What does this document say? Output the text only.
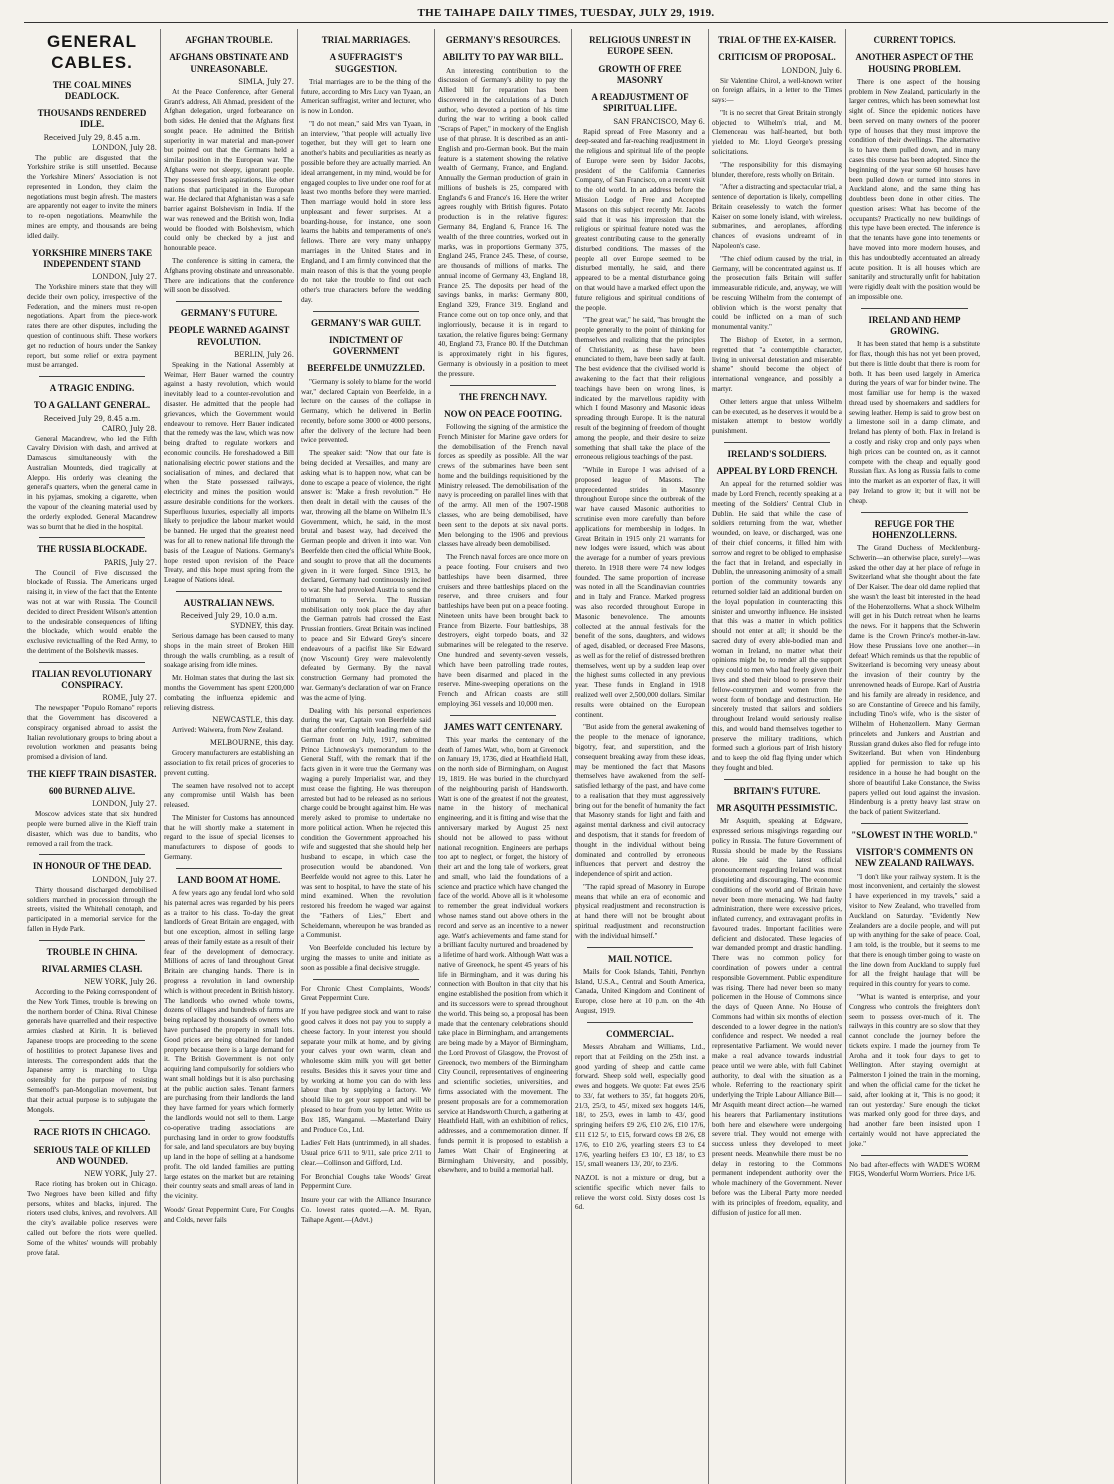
THE TAIHAPE DAILY TIMES, TUESDAY, JULY 29, 1919.
GENERAL CABLES.
THE COAL MINES DEADLOCK.
THOUSANDS RENDERED IDLE.
Received July 29, 8.45 a.m.
LONDON, July 28.
The public are disgusted that the Yorkshire strike is still unsettled. Because the Yorkshire Miners' Association is not represented in London, they claim the negotiations must begin afresh. The masters are apparently not eager to invite the miners to re-open negotiations. Meanwhile the mines are empty, and thousands are being idled daily.
YORKSHIRE MINERS TAKE INDEPENDENT STAND
LONDON, July 27.
The Yorkshire miners state that they will decide their own policy, irrespective of the Federation, and the miners must re-open negotiations. Apart from the piece-work rates there are other disputes, including the question of continuous shift. These workers get no reduction of hours under the Sankey report, but some relief or extra payment must be arranged.
A TRAGIC ENDING.
TO A GALLANT GENERAL.
Received July 29, 8.45 a.m.
CAIRO, July 28.
General Macandrew, who led the Fifth Cavalry Division with dash, and arrived at Damascus simultaneously with the Australian Mounteds, died tragically at Aleppo. His orderly was cleaning the general's quarters, when the general came in in his pyjamas, smoking a cigarette, when the vapour of the cleaning material used by the orderly exploded. General Macandrew was so burnt that he died in the hospital.
THE RUSSIA BLOCKADE.
PARIS, July 27.
The Council of Five discussed the blockade of Russia. The Americans urged raising it, in view of the fact that the Entente was not at war with Russia. The Council decided to direct President Wilson's attention to the undesirable consequences of lifting the blockade, which would enable the exclusive revictualling of the Red Army, to the detriment of the Bolshevik masses.
ITALIAN REVOLUTIONARY CONSPIRACY.
ROME, July 27.
The newspaper "Populo Romano" reports that the Government has discovered a conspiracy organised abroad to assist the Italian revolutionary groups to bring about a revolution workmen and peasants being promised a division of land.
THE KIEFF TRAIN DISASTER.
600 BURNED ALIVE.
LONDON, July 27.
Moscow advices state that six hundred people were burned alive in the Kieff train disaster, which was due to bandits, who removed a rail from the track.
IN HONOUR OF THE DEAD.
LONDON, July 27.
Thirty thousand discharged demobilised soldiers marched in procession through the streets, visited the Whitehall cenotaph, and participated in a memorial service for the fallen in Hyde Park.
TROUBLE IN CHINA.
RIVAL ARMIES CLASH.
NEW YORK, July 26.
According to the Peking correspondent of the New York Times, trouble is brewing on the northern border of China. Rival Chinese generals have quarrelled and their respective armies clashed at Kirin. It is believed Japanese troops are proceeding to the scene of hostilities to protect Japanese lives and interests. The correspondent adds that the Japanese army is marching to Urga ostensibly for the purpose of resisting Semenoff's pan-Mongolian movement, but that their actual purpose is to subjugate the Mongols.
RACE RIOTS IN CHICAGO.
SERIOUS TALE OF KILLED AND WOUNDED.
NEW YORK, July 27.
Race rioting has broken out in Chicago. Two Negroes have been killed and fifty persons, whites and blacks, injured. The rioters used clubs, knives, and revolvers. All the city's available police reserves were called out before the riots were quelled. Some of the whites' wounds will probably prove fatal.
AFGHAN TROUBLE.
AFGHANS OBSTINATE AND UNREASONABLE.
SIMLA, July 27.
At the Peace Conference, after General Grant's address, Ali Ahmad, president of the Afghan delegation, urged forbearance on both sides. He denied that the Afghans first sought peace. He admitted the British superiority in war material and man-power but pointed out that the Germans held a similar position in the European war. The Afghans were not sleepy, ignorant people. They possessed fresh aspirations, like other nations that participated in the European war. He declared that Afghanistan was a safe barrier against Bolshevism in India. If the war was renewed and the British won, India would be flooded with Bolshevism, which could only be checked by a just and honourable peace.
The conference is sitting in camera, the Afghans proving obstinate and unreasonable. There are indications that the conference will soon be dissolved.
GERMANY'S FUTURE.
PEOPLE WARNED AGAINST REVOLUTION.
BERLIN, July 26.
Speaking in the National Assembly at Weimar, Herr Bauer warned the country against a hasty revolution, which would inevitably lead to a counter-revolution and disaster. He admitted that the people had grievances, which the Government would endeavour to remove. Herr Bauer indicated that the remedy was the law, which was now being drafted to regulate workers and economic councils. He foreshadowed a Bill nationalising electric power stations and the socialisation of mines, and declared that when the State possessed railways, electricity and mines the position would assure desirable conditions for the workers. Superfluous luxuries, especially all imports likely to prejudice the labour market would be banned. He urged that the greatest need was for all to renew national life through the basis of the League of Nations. Germany's hope rested upon revision of the Peace Treaty, and this hope must spring from the League of Nations ideal.
AUSTRALIAN NEWS.
Received July 29, 10.0 a.m.
SYDNEY, this day.
Serious damage has been caused to many shops in the main street of Broken Hill through the walls crumbling, as a result of soakage arising from idle mines.
Mr. Holman states that during the last six months the Government has spent £200,000 combating the influenza epidemic and relieving distress.
NEWCASTLE, this day.
Arrived: Waiwera, from New Zealand.
MELBOURNE, this day.
Grocery manufacturers are establishing an association to fix retail prices of groceries to prevent cutting.
The seamen have resolved not to accept any compromise until Walsh has been released.
The Minister for Customs has announced that he will shortly make a statement in regard to the issue of special licenses to manufacturers to dispose of goods to Germany.
LAND BOOM AT HOME.
A few years ago any feudal lord who sold his paternal acres was regarded by his peers as a traitor to his class. To-day the great landlords of Great Britain are engaged, with but one exception, almost in selling large areas of their family estate as a result of their fear of the development of democracy. Millions of acres of land throughout Great Britain are changing hands. There is in progress a revolution in land ownership which is without precedent in British history. The landlords who owned whole towns, dozens of villages and hundreds of farms are being replaced by thousands of owners who have purchased the property in small lots. Good prices are being obtained for landed property because there is a large demand for it. The British Government is not only acquiring land compulsorily for soldiers who want small holdings but it is also purchasing at the public auction sales. Tenant farmers are purchasing from their landlords the land they have farmed for years which formerly the landlords would not sell to them. Large co-operative trading associations are purchasing land in order to grow foodstuffs for sale, and land speculators are buy buying up land in the hope of selling at a handsome profit. The old landed families are putting large estates on the market but are retaining their country seats and small areas of land in the vicinity.
Woods' Great Peppermint Cure, For Coughs and Colds, never fails
TRIAL MARRIAGES.
A SUFFRAGIST'S SUGGESTION.
Trial marriages are to be the thing of the future, according to Mrs Lucy van Tyaan, an American suffragist, writer and lecturer, who is now in London.
"I do not mean," said Mrs van Tyaan, in an interview, "that people will actually live together, but they will get to learn one another's habits and peculiarities as nearly as possible before they are actually married. An ideal arrangement, in my mind, would be for engaged couples to live under one roof for at least two months before they were married. Then marriage would hold in store less unpleasant and fewer surprises. At a boarding-house, for instance, one soon learns the habits and temperaments of one's fellows. There are very many unhappy marriages in the United States and in England, and I am firmly convinced that the main reason of this is that the young people do not take the trouble to find out each other's true characters before the wedding day.
GERMANY'S WAR GUILT.
INDICTMENT OF GOVERNMENT
BEERFELDE UNMUZZLED.
"Germany is solely to blame for the world war," declared Captain von Beerfelde, in a lecture on the causes of the collapse in Germany, which he delivered in Berlin recently, before some 3000 or 4000 persons, after the delivery of the lecture had been twice prevented.
The speaker said: "Now that our fate is being decided at Versailles, and many are asking what is to happen now, what can be done to escape a peace of violence, the right answer is: 'Make a fresh revolution.'" He then dealt in detail with the causes of the war, throwing all the blame on Wilhelm II.'s Government, which, he said, in the most brutal and basest way, had deceived the German people and driven it into war. Von Beerfelde then cited the official White Book, and sought to prove that all the documents given in it were forged. Since 1913, he declared, Germany had continuously incited to war. She had provoked Austria to send the ultimatum to Servia. The Russian mobilisation only took place the day after the German patrols had crossed the East Prussian frontiers. Great Britain was inclined to peace and Sir Edward Grey's sincere endeavours of a pacifist like Sir Edward (now Viscount) Grey were malevolently defeated by Germany. By the naval construction Germany had promoted the war. Germany's declaration of war on France was the acme of lying.
Dealing with his personal experiences during the war, Captain von Beerfelde said that after conferring with leading men of the German front on July, 1917, submitted Prince Lichnowsky's memorandum to the General Staff, with the remark that if the facts given in it were true the Germany was waging a purely Imperialist war, and they must cease the fighting. He was thereupon arrested but had to be released as no serious charge could be brought against him. He was merely asked to promise to undertake no more political action. When he rejected this condition the Government approached his wife and suggested that she should help her husband to escape, in which case the prosecution would be abandoned. Von Beerfelde would not agree to this. Later he was sent to hospital, to have the state of his mind examined. When the revolution restored his freedom he waged war against the "Fathers of Lies," Ebert and Scheidemann, whereupon he was branded as a Communist.
Von Beerfelde concluded his lecture by urging the masses to unite and initiate as soon as possible a final decisive struggle.
For Chronic Chest Complaints, Woods' Great Peppermint Cure.
If you have pedigree stock and want to raise good calves it does not pay you to supply a cheese factory. In your interest you should separate your milk at home, and by giving your calves your own warm, clean and wholesome skim milk you will get better results. Besides this it saves your time and by working at home you can do with less labour than by supplying a factory. We should like to get your support and will be pleased to hear from you by letter. Write us Box 185, Wanganui. —Masterland Dairy and Produce Co., Ltd.
Ladies' Felt Hats (untrimmed), in all shades. Usual price 6/11 to 9/11, sale price 2/11 to clear.—Collinson and Gifford, Ltd.
For Bronchial Coughs take Woods' Great Peppermint Cure.
Insure your car with the Alliance Insurance Co. lowest rates quoted.—A. M. Ryan, Taihape Agent.—(Advt.)
GERMANY'S RESOURCES.
ABILITY TO PAY WAR BILL.
An interesting contribution to the discussion of Germany's ability to pay the Allied bill for reparation has been discovered in the calculations of a Dutch author, who devoted a portion of his time during the war to writing a book called "Scraps of Paper," in mockery of the English use of that phrase. It is described as an anti-English and pro-German book. But the main feature is a statement showing the relative wealth of Germany, France, and England. Annually the German production of grain in millions of bushels is 25, compared with England's 6 and France's 16. Here the writer agrees roughly with British figures. Potato production is in the relative figures: Germany 84, England 6, France 16. The wealth of the three countries, worked out in marks, was in proportions Germany 375, England 245, France 245. These, of course, are thousands of millions of marks. The annual income of Germany 43, England 18, France 25. The deposits per head of the savings banks, in marks: Germany 800, England 329, France 319. England and France come out on top once only, and that inglorriously, because it is in regard to taxation, the relative figures being: Germany 40, England 73, France 80. If the Dutchman is approximately right in his figures, Germany is obviously in a position to meet the pressure.
THE FRENCH NAVY.
NOW ON PEACE FOOTING.
Following the signing of the armistice the French Minister for Marine gave orders for the demobilisation of the French naval forces as speedily as possible. All the war crews of the submarines have been sent home and the buildings requisitioned by the Ministry released. The demobilisation of the navy is proceeding on parallel lines with that of the army. All men of the 1907-1908 classes, who are being demobilised, have been sent to the depots at six naval ports. Men belonging to the 1906 and previous classes have already been demobilised.
The French naval forces are once more on a peace footing. Four cruisers and two battleships have been disarmed, three cruisers and three battleships placed on the reserve, and three cruisers and four battleships have been put on a peace footing. Nineteen units have been brought back to France from Bizerte. Four battleships, 38 destroyers, eight torpedo boats, and 32 submarines will be relegated to the reserve. One hundred and seventy-seven vessels, which have been patrolling trade routes, have been disarmed and placed in the reserve. Mine-sweeping operations on the French and African coasts are still employing 361 vessels and 10,000 men.
JAMES WATT CENTENARY.
This year marks the centenary of the death of James Watt, who, born at Greenock on January 19, 1736, died at Heathfield Hall, on the north side of Birmingham, on August 19, 1819. He was buried in the churchyard of the neighbouring parish of Handsworth. Watt is one of the greatest if not the greatest, name in the history of mechanical engineering, and it is fitting and wise that the anniversary marked by August 25 next should not be allowed to pass without national recognition. Engineers are perhaps too apt to neglect, or forget, the history of their art and the long tale of workers, great and small, who laid the foundations of a science and practice which have changed the face of the world. Above all is it wholesome to remember the great individual workers whose names stand out above others in the record and serve as an incentive to a newer age. Watt's achievements and fame stand for a brilliant faculty nurtured and broadened by a lifetime of hard work. Although Watt was a native of Greenock, he spent 45 years of his life in Birmingham, and it was during his connection with Boulton in that city that his engine established the position from which it and its successors were to spread throughout the world. This being so, a proposal has been made that the centenary celebrations should take place in Birmingham, and arrangements are being made by a Mayor of Birmingham, the Lord Provost of Glasgow, the Provost of Greenock, two members of the Birmingham City Council, representatives of engineering and scientific societies, universities, and firms associated with the movement. The present proposals are for a commemoration service at Handsworth Church, a gathering at Heathfield Hall, with an exhibition of relics, addresses, and a commemoration dinner. If funds permit it is proposed to establish a James Watt Chair of Engineering at Birmingham University, and possibly, elsewhere, and to build a memorial hall.
RELIGIOUS UNREST IN EUROPE SEEN.
GROWTH OF FREE MASONRY
A READJUSTMENT OF SPIRITUAL LIFE.
SAN FRANCISCO, May 6.
Rapid spread of Free Masonry and a deep-seated and far-reaching readjustment in the religious and spiritual life of the people of Europe were seen by Isidor Jacobs, president of the California Canneries Company, of San Francisco, on a recent visit to the old world. In an address before the Mission Lodge of Free and Accepted Masons on this subject recently Mr. Jacobs said that it was his impression that the religious or spiritual feature noted was the greatest contributing cause to the generally disturbed conditions. The masses of the people all over Europe seemed to be disturbed mentally, he said, and there appeared to be a mental disturbance going on that would have a marked effect upon the future religious and spiritual conditions of the people.
"The great war," he said, "has brought the people generally to the point of thinking for themselves and realizing that the principles of Christianity, as these have been enunciated to them, have been sadly at fault. The best evidence that the civilised world is awakening to the fact that their religious teachings have been on wrong lines, is indicated by the marvellous rapidity with which I found Masonry and Masonic ideas spreading through Europe. It is the natural result of the beginning of freedom of thought among the people, and their desire to seize something that shall take the place of the erroneous religious teachings of the past.
"While in Europe I was advised of a proposed league of Masons. The unprecedented strides in Masonry throughout Europe since the outbreak of the war have caused Masonic authorities to scrutinise even more carefully than before applications for membership in lodges. In Great Britain in 1915 only 21 warrants for new lodges were issued, which was about the average for a number of years previous thereto. In 1918 there were 74 new lodges founded. The same proportion of increase was noted in all the Scandinavian countries and in Italy and France. Marked progress was also recorded throughout Europe in Masonic benevolence. The amounts collected at the annual festivals for the benefit of the sons, daughters, and widows of aged, disabled, or deceased Free Masons, as well as for the relief of distressed brethren themselves, went up by a sudden leap over the highest sums collected in any previous year. These funds in England in 1918 realized well over 2,500,000 dollars. Similar results were obtained on the European continent.
"But aside from the general awakening of the people to the menace of ignorance, bigotry, fear, and superstition, and the consequent breaking away from these ideas, may be mentioned the fact that Masons themselves have awakened from the self-satisfied lethargy of the past, and have come to a realisation that they must aggressively bring out for the benefit of humanity the fact that Masonry stands for light and faith and against mental darkness and civil autocracy and despotism, that it stands for freedom of thought in the individual without being dominated and controlled by erroneous influences that pervert and destroy the independence of spirit and action.
"The rapid spread of Masonry in Europe means that while an era of economic and physical readjustment and reconstruction is at hand there will not be brought about spiritual readjustment and reconstruction with the individual himself."
MAIL NOTICE.
Mails for Cook Islands, Tahiti, Penrhyn Island, U.S.A., Central and South America, Canada, United Kingdom and Continent of Europe, close here at 10 p.m. on the 4th August, 1919.
COMMERCIAL.
Messrs Abraham and Williams, Ltd., report that at Feilding on the 25th inst. a good yarding of sheep and cattle came forward. Sheep sold well, especially good ewes and hoggets. We quote: Fat ewes 25/6 to 33/, fat wethers to 35/, fat hoggets 20/6, 21/3, 25/3, to 45/, mixed sex hoggets 14/6, 18/, to 25/3, ewes in lamb to 43/, good springing heifers £9 2/6, £10 2/6, £10 17/6, £11 £12 5/, to £15, forward cows £8 2/6, £8 17/6, to £10 2/6, yearling steers £3 to £4 17/6, yearling heifers £3 10/, £3 18/, to £3 15/, small weaners 13/, 20/, to 23/6.
NAZOL is not a mixture or drug, but a scientific specific which never fails to relieve the worst cold. Sixty doses cost 1s 6d.
TRIAL OF THE EX-KAISER.
CRITICISM OF PROPOSAL.
LONDON, July 6.
Sir Valentine Chirol, a well-known writer on foreign affairs, in a letter to the Times says:—
"It is no secret that Great Britain strongly objected to Wilhelm's trial, and M. Clemenceau was half-hearted, but both yielded to Mr. Lloyd George's pressing solicitations.
"The responsibility for this dismaying blunder, therefore, rests wholly on Britain.
"After a distracting and spectacular trial, a sentence of deportation is likely, compelling Britain ceaselessly to watch the former Kaiser on some lonely island, with wireless, submarines, and aeroplanes, affording chances of evasions undreamt of in Napoleon's case.
"The chief odium caused by the trial, in Germany, will be concentrated against us. If the prosecution fails Britain will suffer immeasurable ridicule, and, anyway, we will be rescuing Wilhelm from the contempt of oblivion which is the worst penalty that could be inflicted on a man of such monumental vanity."
The Bishop of Exeter, in a sermon, regretted that "a contemptible character, living in universal detestation and miserable shame" should become the object of international vengeance, and possibly a martyr.
Other letters argue that unless Wilhelm can be executed, as he deserves it would be a mistaken attempt to bestow worldly punishment.
IRELAND'S SOLDIERS.
APPEAL BY LORD FRENCH.
An appeal for the returned soldier was made by Lord French, recently speaking at a meeting of the Soldiers' Central Club in Dublin. He said that while the case of soldiers returning from the war, whether wounded, on leave, or discharged, was one of their chief concerns, it filled him with sorrow and regret to be obliged to emphasise the fact that in Ireland, and especially in Dublin, the unreasoning animosity of a small portion of the community towards any returned soldier laid an additional burden on the loyal population in counteracting this sinister and unworthy influence. He insisted that this was a matter in which politics should not enter at all; it should be the sacred duty of every able-bodied man and woman in Ireland, no matter what their opinions might be, to render all the support they could to men who had freely given their lives and shed their blood to preserve their fellow-countrymen and women from the worst form of bondage and destruction. He sincerely trusted that sailors and soldiers throughout Ireland would seriously realise this, and would band themselves together to preserve the military traditions, which formed such a glorious part of Irish history and to keep the old flag flying under which they fought and bled.
BRITAIN'S FUTURE.
MR ASQUITH PESSIMISTIC.
Mr Asquith, speaking at Edgware, expressed serious misgivings regarding our policy in Russia. The future Government of Russia should be made by the Russians alone. He said the latest official pronouncement regarding Ireland was most disquieting and discouraging. The economic conditions of the world and of Britain have never been more menacing. We had faulty administration, there were excessive prices, inflated currency, and extravagant profits in favoured trades. Important facilities were deficient and dislocated. These legacies of war demanded prompt and drastic handling. There was no common policy for coordination of powers under a central responsible Government. Public expenditure was rising. There had never been so many policemen in the House of Commons since the days of Queen Anne. No House of Commons had within six months of election descended to a lower degree in the nation's confidence and respect. We needed a real representative Parliament. We would never make a real advance towards industrial peace until we were able, with full Cabinet authority, to deal with the situation as a whole. Referring to the reactionary spirit underlying the Triple Labour Alliance Bill—Mr Asquith meant direct action—he warned his hearers that Parliamentary institutions both here and elsewhere were undergoing severe trial. They would not emerge with success unless they developed to meet present needs. Meanwhile there must be no delay in restoring to the Commons permanent independent authority over the whole machinery of the Government. Never before was the Liberal Party more needed with its principles of freedom, equality, and diffusion of justice for all men.
CURRENT TOPICS.
ANOTHER ASPECT OF THE HOUSING PROBLEM.
There is one aspect of the housing problem in New Zealand, particularly in the larger centres, which has been somewhat lost sight of. Since the epidemic notices have been served on many owners of the poorer type of houses that they must improve the condition of their dwellings. The alternative is to have them pulled down, and in many cases this course has been adopted. Since the beginning of the year some 60 houses have been pulled down or turned into stores in Auckland alone, and the same thing has doubtless been done in other cities. The question arises: What has become of the occupants? Practically no new buildings of this type have been erected. The inference is that the tenants have gone into tenements or have moved into more modern houses, and this has undoubtedly accentuated an already acute position. It is all houses which are sanitarily and structurally unfit for habitation were rigidly dealt with the position would be an impossible one.
IRELAND AND HEMP GROWING.
It has been stated that hemp is a substitute for flax, though this has not yet been proved, but there is little doubt that there is room for both. It has been used largely in America during the years of war for binder twine. The most familiar use for hemp is the waxed thread used by shoemakers and saddlers for sewing leather. Hemp is said to grow best on a limestone soil in a damp climate, and Ireland has plenty of both. Flax in Ireland is a costly and risky crop and only pays when high prices can be counted on, as it cannot compete with the cheap and equally good Russian flax. As long as Russia fails to come into the market as an exporter of flax, it will pay Ireland to grow it; but it will not be cheap.
REFUGE FOR THE HOHENZOLLERNS.
The Grand Duchess of Mecklenburg-Schwerin—an otherwise place, surely!—was asked the other day at her place of refuge in Switzerland what she thought about the fate of Der Kaiser. The dear old dame replied that she wasn't the least bit interested in the head of the Hohenzollerns. What a shock Wilhelm will get in his Dutch retreat when he learns the news. For it happens that the Schwerin dame is the Crown Prince's mother-in-law. How these Prussians love one another—in defeat! Which reminds us that the republic of Switzerland is becoming very uneasy about the invasion of their country by the unrenowned heads of Europe. Karl of Austria and his family are already in residence, and so are Constantine of Greece and his family, including Tino's wife, who is the sister of Wilhelm of Hohenzollern. Many German princelets and Junkers and Austrian and Russian grand dukes also fled for refuge into Switzerland. But when von Hindenburg applied for permission to take up his residence in a house he had bought on the shore of beautiful Lake Constance, the Swiss papers yelled out loud against the invasion. Hindenburg is a pretty heavy last straw on the back of patient Switzerland.
"SLOWEST IN THE WORLD."
VISITOR'S COMMENTS ON NEW ZEALAND RAILWAYS.
"I don't like your railway system. It is the most inconvenient, and certainly the slowest I have experienced in my travels," said a visitor to New Zealand, who travelled from Auckland on Saturday. "Evidently New Zealanders are a docile people, and will put up with anything for the sake of peace. Coal, I am told, is the trouble, but it seems to me that there is enough timber going to waste on the line down from Auckland to supply fuel for all the freight haulage that will be required in this country for years to come.
"What is wanted is enterprise, and your Congress who controls the freighters don't seem to possess over-much of it. The railways in this country are so slow that they cannot conclude the journey before the tickets expire. I made the journey from Te Aroha and it took four days to get to Wellington. After staying overnight at Palmerston I joined the train in the morning, and when the official came for the ticket he said, after looking at it, 'This is no good; it ran out yesterday.' Sure enough the ticket was marked only good for three days, and had another fare been insisted upon I certainly would not have appreciated the joke."
No bad after-effects with WADE'S WORM FIGS, Wonderful Worm Worriers. Price 1/6.
